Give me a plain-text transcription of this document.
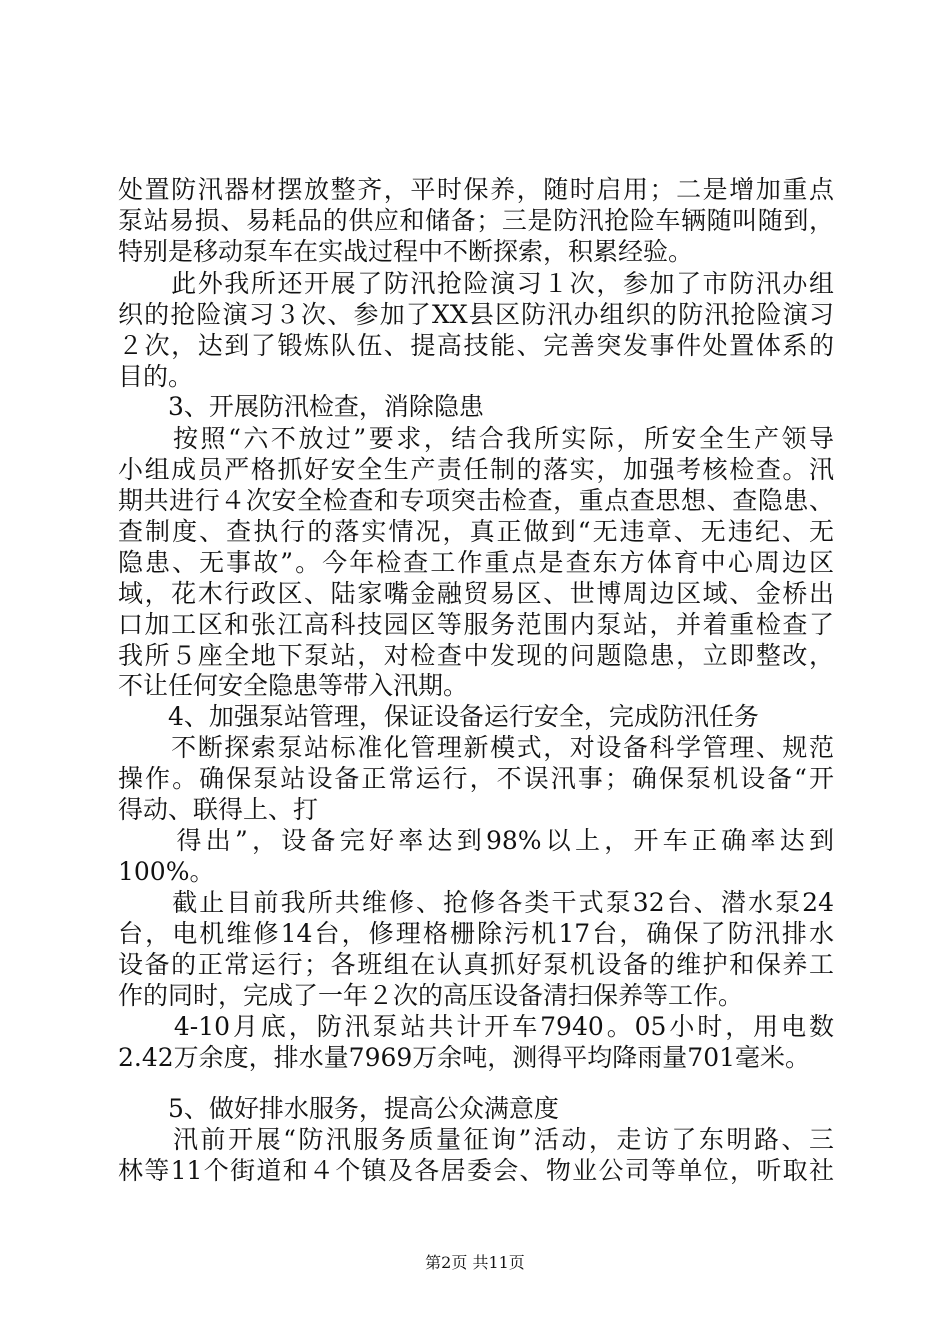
处置防汛器材摆放整齐，平时保养，随时启用；二是增加重点
泵站易损、易耗品的供应和储备；三是防汛抢险车辆随叫随到，
特别是移动泵车在实战过程中不断探索，积累经验。
　　此外我所还开展了防汛抢险演习１次，参加了市防汛办组
织的抢险演习３次、参加了XX县区防汛办组织的防汛抢险演习
２次，达到了锻炼队伍、提高技能、完善突发事件处置体系的
目的。
　　3、开展防汛检查，消除隐患
　　按照“六不放过”要求，结合我所实际，所安全生产领导
小组成员严格抓好安全生产责任制的落实，加强考核检查。汛
期共进行４次安全检查和专项突击检查，重点查思想、查隐患、
查制度、查执行的落实情况，真正做到“无违章、无违纪、无
隐患、无事故”。今年检查工作重点是查东方体育中心周边区
域，花木行政区、陆家嘴金融贸易区、世博周边区域、金桥出
口加工区和张江高科技园区等服务范围内泵站，并着重检查了
我所５座全地下泵站，对检查中发现的问题隐患，立即整改，
不让任何安全隐患等带入汛期。
　　4、加强泵站管理，保证设备运行安全，完成防汛任务
　　不断探索泵站标准化管理新模式，对设备科学管理、规范
操作。确保泵站设备正常运行，不误汛事；确保泵机设备“开
得动、联得上、打
　　得出”，设备完好率达到98%以上，开车正确率达到
100%。
　　截止目前我所共维修、抢修各类干式泵32台、潜水泵24
台，电机维修14台，修理格栅除污机17台，确保了防汛排水
设备的正常运行；各班组在认真抓好泵机设备的维护和保养工
作的同时，完成了一年２次的高压设备清扫保养等工作。
　　4-10月底，防汛泵站共计开车7940。05小时，用电数
2.42万余度，排水量7969万余吨，测得平均降雨量701毫米。
　　5、做好排水服务，提高公众满意度
　　汛前开展“防汛服务质量征询”活动，走访了东明路、三
林等11个街道和４个镇及各居委会、物业公司等单位，听取社
第2页 共11页
